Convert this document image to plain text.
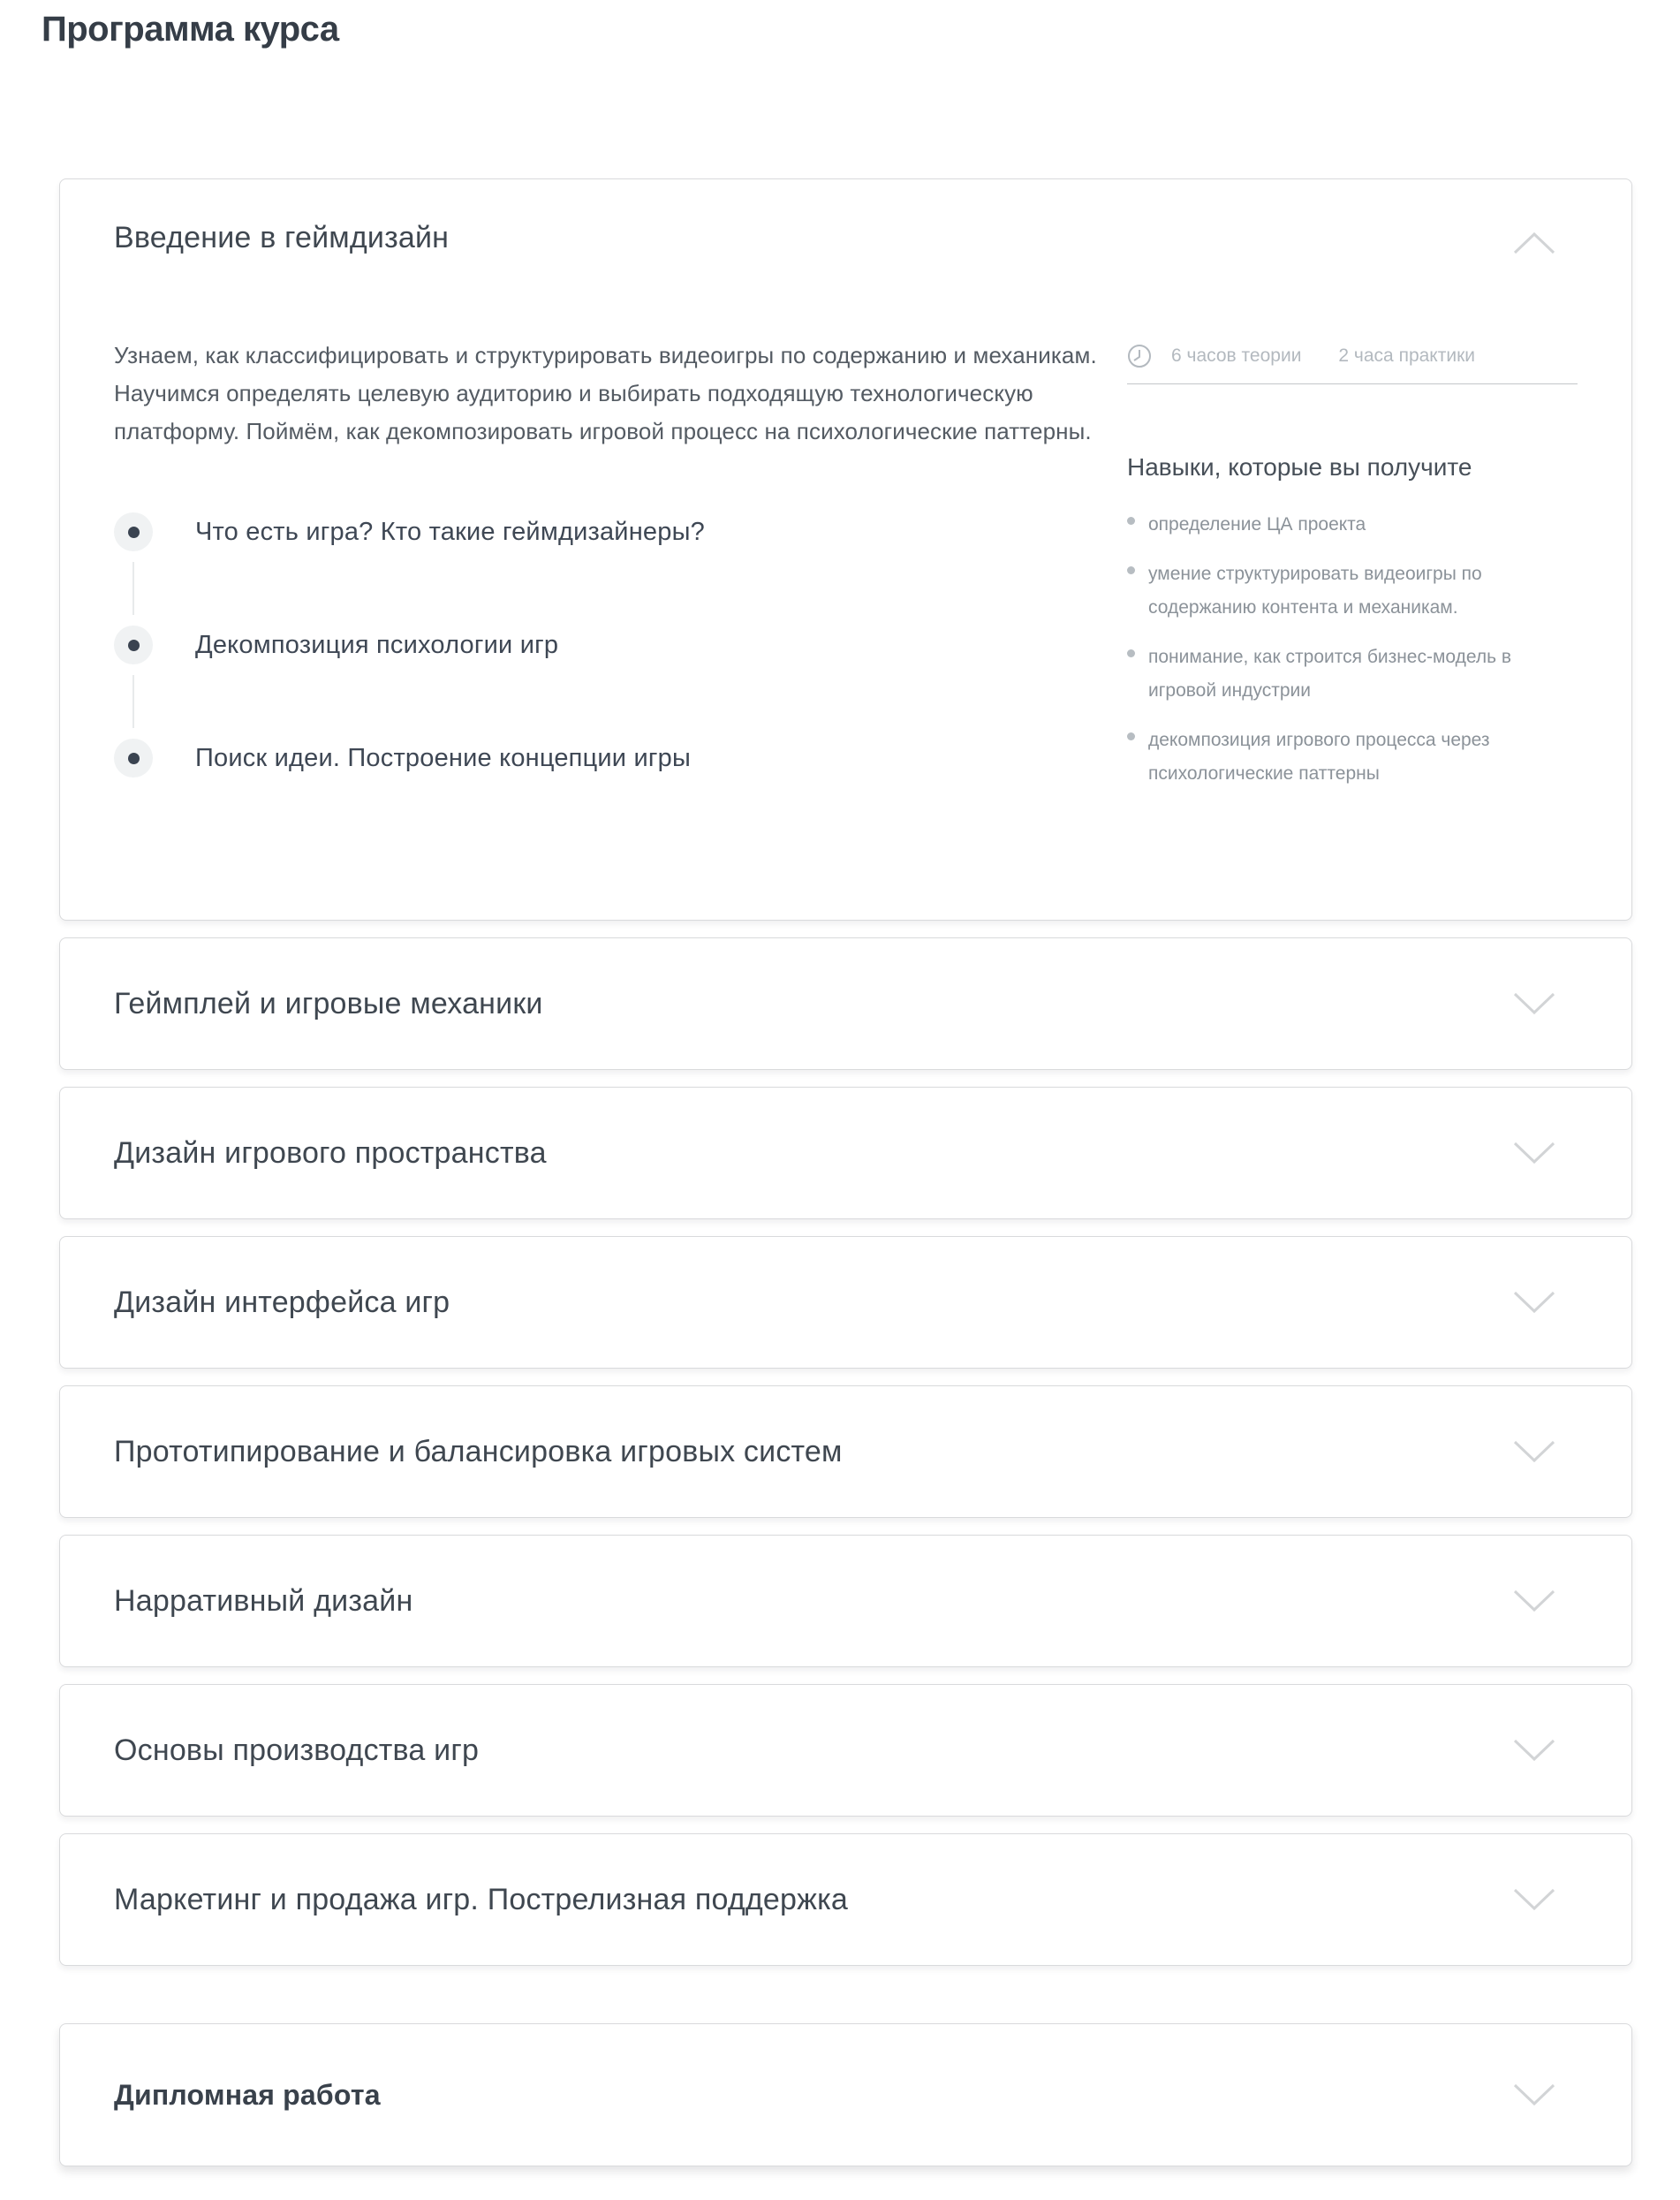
Программа курса
Введение в геймдизайн

Узнаем, как классифицировать и структурировать видеоигры по содержанию и механикам. Научимся определять целевую аудиторию и выбирать подходящую технологическую платформу. Поймём, как декомпозировать игровой процесс на психологические паттерны.

Что есть игра? Кто такие геймдизайнеры?
Декомпозиция психологии игр
Поиск идеи. Построение концепции игры
6 часов теории 2 часа практики
Навыки, которые вы получите
определение ЦА проекта
умение структурировать видеоигры по содержанию контента и механикам.
понимание, как строится бизнес-модель в игровой индустрии
декомпозиция игрового процесса через психологические паттерны
Геймплей и игровые механики
Дизайн игрового пространства
Дизайн интерфейса игр
Прототипирование и балансировка игровых систем
Нарративный дизайн
Основы производства игр
Маркетинг и продажа игр. Пострелизная поддержка
Дипломная работа
